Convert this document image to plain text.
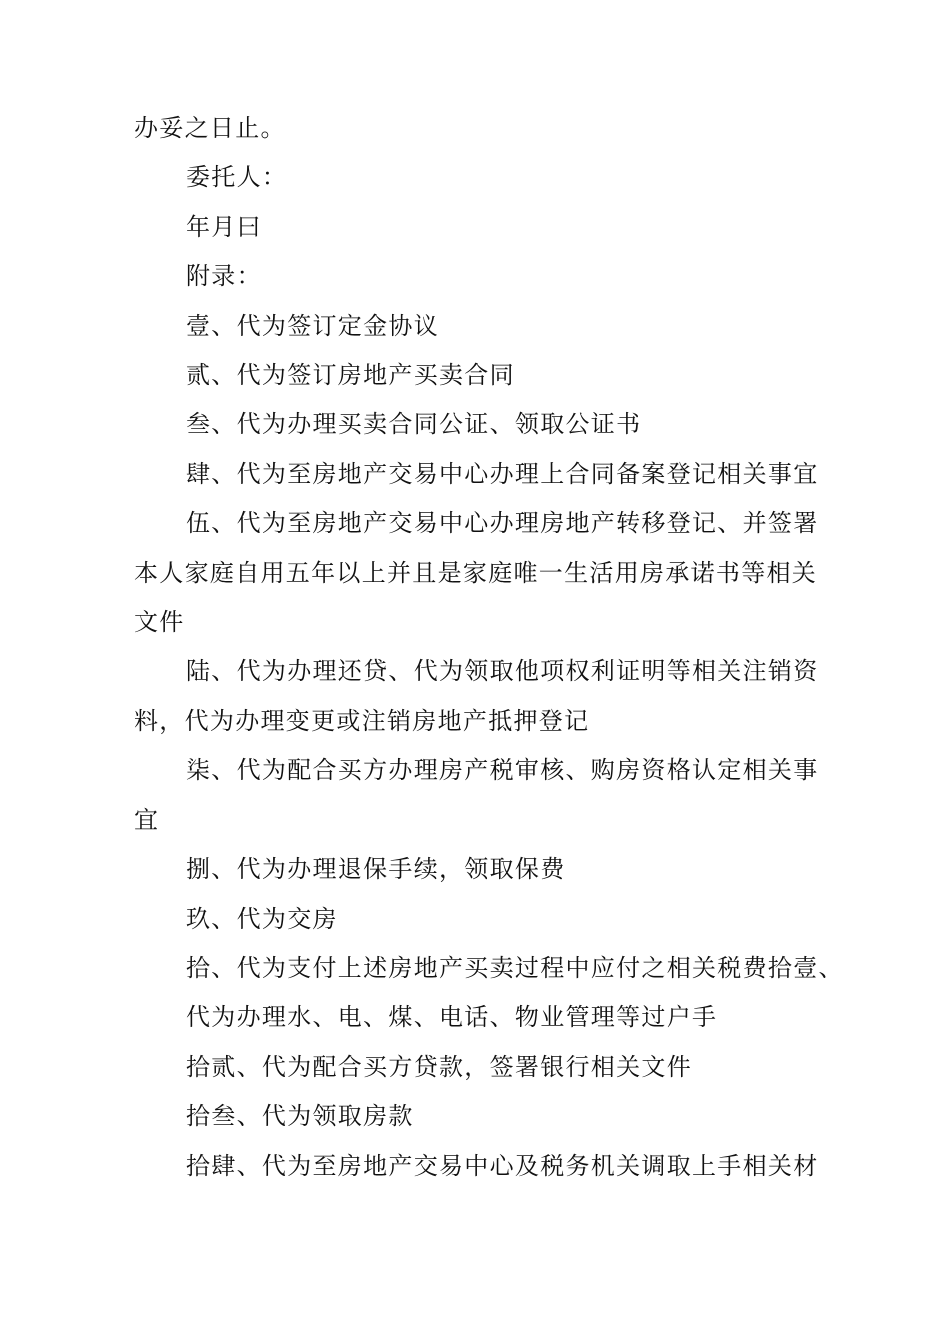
办妥之日止。

委托人：

年月曰

附录：

壹、代为签订定金协议

贰、代为签订房地产买卖合同

叁、代为办理买卖合同公证、领取公证书

肆、代为至房地产交易中心办理上合同备案登记相关事宜

伍、代为至房地产交易中心办理房地产转移登记、并签署
本人家庭自用五年以上并且是家庭唯一生活用房承诺书等相关
文件

陆、代为办理还贷、代为领取他项权利证明等相关注销资
料，代为办理变更或注销房地产抵押登记

柒、代为配合买方办理房产税审核、购房资格认定相关事
宜

捌、代为办理退保手续，领取保费

玖、代为交房

拾、代为支付上述房地产买卖过程中应付之相关税费拾壹、

代为办理水、电、煤、电话、物业管理等过户手

拾贰、代为配合买方贷款，签署银行相关文件

拾叁、代为领取房款

拾肆、代为至房地产交易中心及税务机关调取上手相关材
